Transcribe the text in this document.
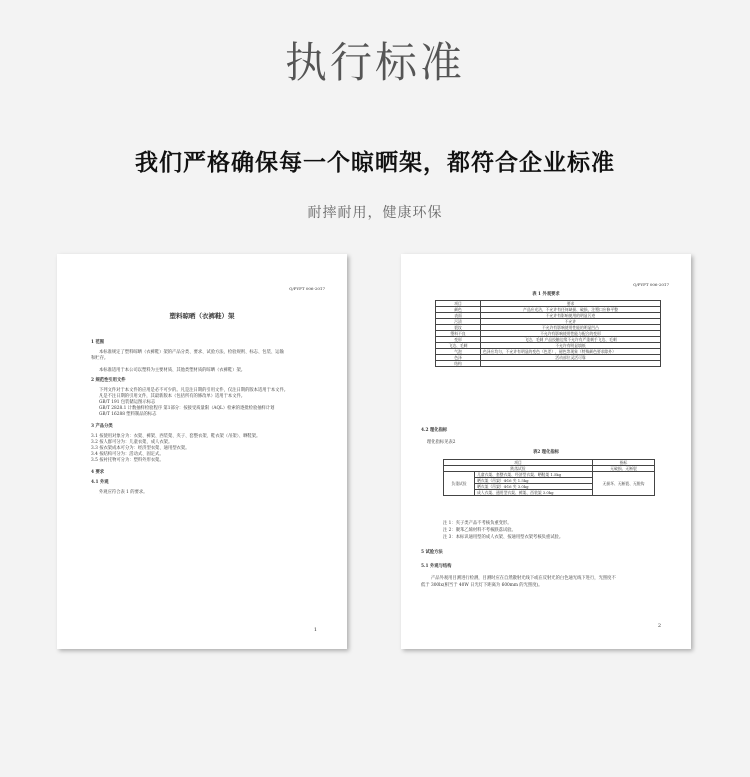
执行标准
我们严格确保每一个晾晒架，都符合企业标准
耐摔耐用，健康环保
Q/PYFT 006-2017
塑料晾晒（衣裤鞋）架
1 范围
本标准规定了塑料晾晒（衣裤鞋）架的产品分类、要求、试验方法、检验规则、标志、包装、运输
和贮存。
本标准适用于本公司以塑料为主要材质、其他类塑材质的晾晒（衣裤鞋）架。
2 规范性引用文件
下列文件对于本文件的应用是必不可少的。凡是注日期的引用文件，仅注日期的版本适用于本文件。
凡是不注日期的引用文件，其最新版本（包括所有的修改单）适用于本文件。
GB/T 191 包装储运图示标志
GB/T 2828.1 计数抽样检验程序 第1部分：按接受质量限（AQL）检索的逐批检验抽样计划
GB/T 16288 塑料制品的标志
3 产品分类
3.1 按使用对象分为：衣架、裤架、西装架、夹子、套整衣架、鞋衣架（吊架）、晒鞋架。
3.2 按人群可分为：儿童衣架、成人衣架。
3.3 按衣架成本可分为：经济型衣架、通用型衣架。
3.4 按结构可分为：活动式、固定式。
3.5 按衬托物可分为：塑料外形衣架。
4 要求
4.1 外观
外观应符合表 1 的要求。
1
Q/PYFT 006-2017
表 1 外观要求
项目	要求
颜色	产品应光洁，不允许有任何缺损、破损，注塑口应修平整
表面	不允许有影响使用的明显污迹
污渍	不允许
裂纹	不允许有影响使用性能的明显凹凸
塑料不良	不允许有影响使用性能与配合的变形
变形	飞边、毛刺 产品投触边缘不允许有严重刺手飞边、毛刺
飞边、毛刺	不允许有明显填纸
气泡	色泽应均匀，不允许有明显的变色（色差），褪色等现象（特殊颜色要求除外）
色泽	活动部位灵活可靠
结构	
4.2 理化指标
理化指标见表2
表2 理化指标
项目		指标
跌落试验		无破损、无断裂
负重试验	儿童衣架、套整衣架、经济型衣架、晒鞋架 1.5kg	无损坏、无断裂、无脱钩
	晒衣架（吊架）Φ16 夹 1.5kg	
	晒衣架（吊架）Φ16 夹 3.0kg	
	成人衣架、通用型衣架、裤架、西装架 3.0kg	
注 1：夹子类产品不考核负重变形。
注 2：聚苯乙烯材料不考核跌落试验。
注 3：本标识通用型的成人衣架、按通用型衣架考核负重试验。
5 试验方法
5.1 外观与结构
产品外观用目测进行检测，目测时应在自然散射光线下或在反射光的白色通光线下进行，光照度不
低于 300lx(相当于 40W 日光灯下距离为 600mm 的光照度)。
2
